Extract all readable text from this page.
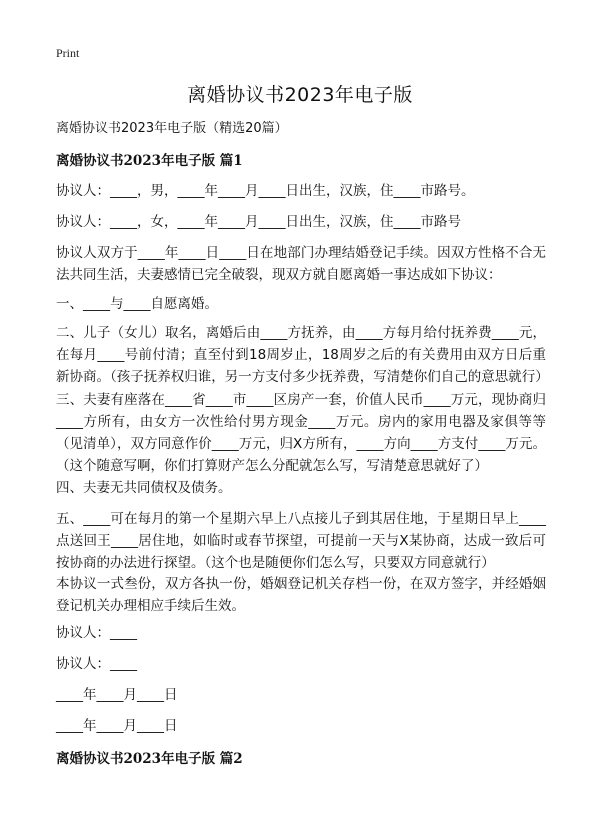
Print
离婚协议书2023年电子版
离婚协议书2023年电子版（精选20篇）
离婚协议书2023年电子版 篇1
协议人：____，男，____年____月____日出生，汉族，住____市路号。
协议人：____，女，____年____月____日出生，汉族，住____市路号
协议人双方于____年____日____日在地部门办理结婚登记手续。因双方性格不合无法共同生活，夫妻感情已完全破裂，现双方就自愿离婚一事达成如下协议：
一、____与____自愿离婚。
二、儿子（女儿）取名，离婚后由____方抚养，由____方每月给付抚养费____元，在每月____号前付清；直至付到18周岁止，18周岁之后的有关费用由双方日后重新协商。（孩子抚养权归谁，另一方支付多少抚养费，写清楚你们自己的意思就行）
三、夫妻有座落在____省____市____区房产一套，价值人民币____万元，现协商归____方所有，由女方一次性给付男方现金____万元。房内的家用电器及家俱等等（见清单），双方同意作价____万元，归X方所有，____方向____方支付____万元。（这个随意写啊，你们打算财产怎么分配就怎么写，写清楚意思就好了）
四、夫妻无共同债权及债务。
五、____可在每月的第一个星期六早上八点接儿子到其居住地，于星期日早上____点送回王____居住地，如临时或春节探望，可提前一天与X某协商，达成一致后可按协商的办法进行探望。（这个也是随便你们怎么写，只要双方同意就行）
本协议一式叁份，双方各执一份，婚姻登记机关存档一份，在双方签字，并经婚姻登记机关办理相应手续后生效。
协议人：____
协议人：____
____年____月____日
____年____月____日
离婚协议书2023年电子版 篇2
